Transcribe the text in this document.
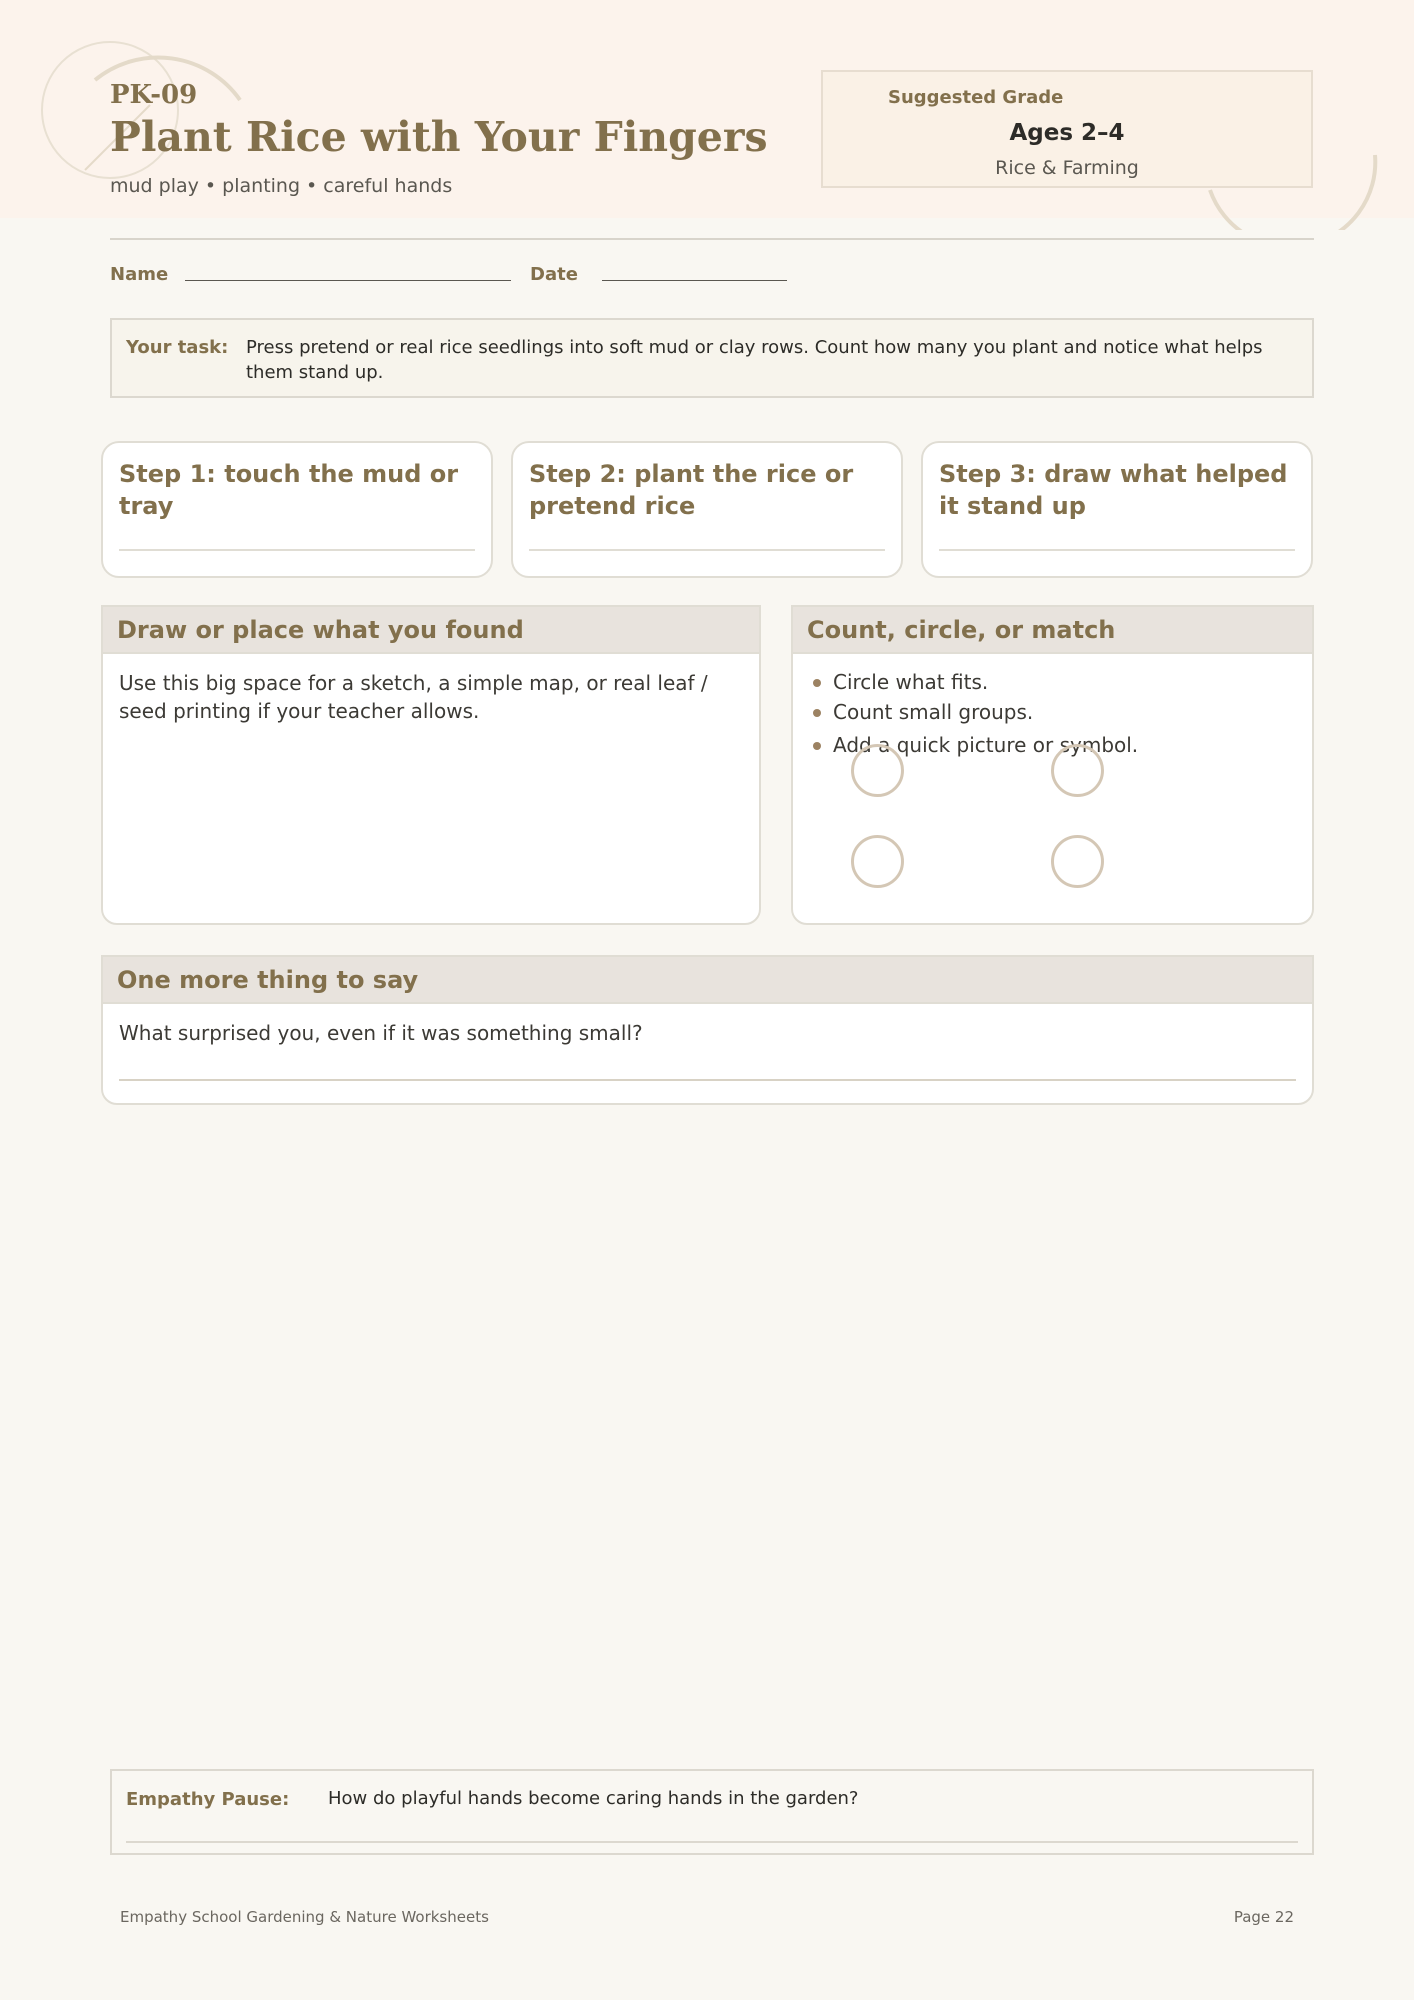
PK-09
Plant Rice with Your Fingers
mud play • planting • careful hands
Suggested Grade
Ages 2–4
Rice & Farming
Name	Date
Your task: Press pretend or real rice seedlings into soft mud or clay rows. Count how many you plant and notice what helps them stand up.
Step 1: touch the mud or tray
Step 2: plant the rice or pretend rice
Step 3: draw what helped it stand up
Draw or place what you found
Use this big space for a sketch, a simple map, or real leaf / seed printing if your teacher allows.
Count, circle, or match
Circle what fits.
Count small groups.
Add a quick picture or symbol.
One more thing to say
What surprised you, even if it was something small?
Empathy Pause: How do playful hands become caring hands in the garden?
Empathy School Gardening & Nature Worksheets	Page 22
